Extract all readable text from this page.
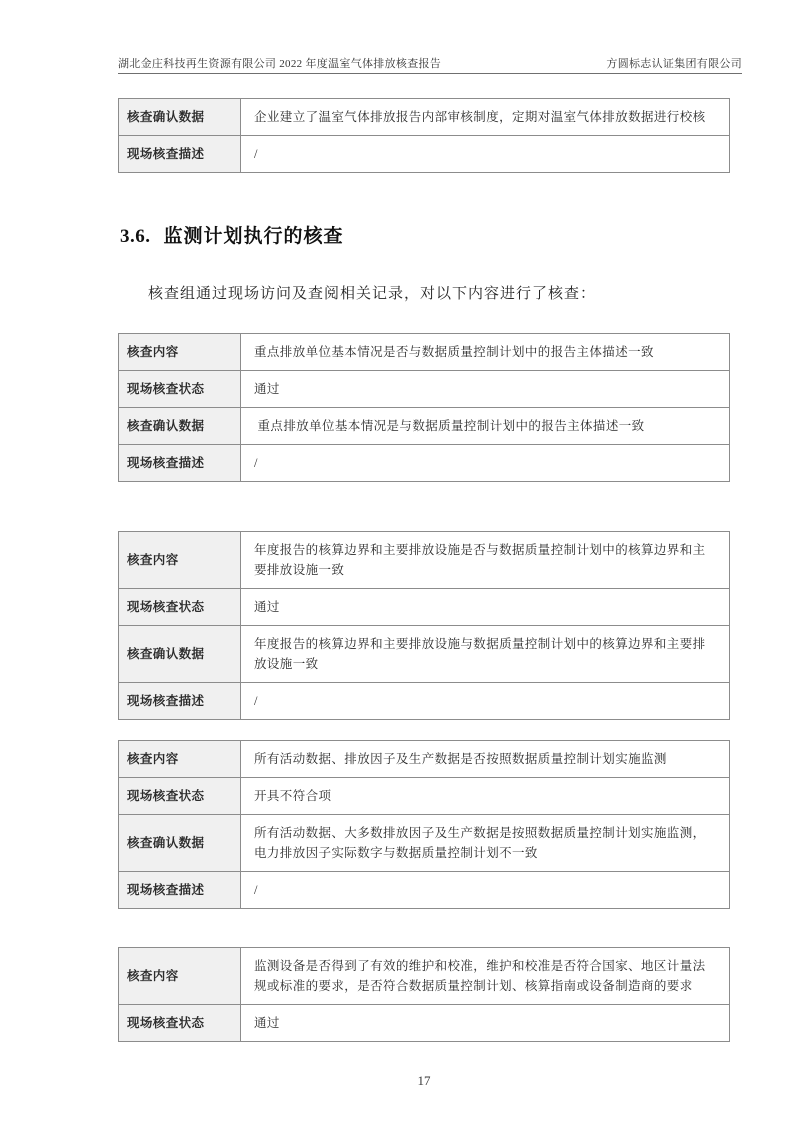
湖北金庄科技再生资源有限公司 2022 年度温室气体排放核查报告	方圆标志认证集团有限公司
核查确认数据	企业建立了温室气体排放报告内部审核制度，定期对温室气体排放数据进行校核
现场核查描述	/
3.6. 监测计划执行的核查

核查组通过现场访问及查阅相关记录，对以下内容进行了核查：

核查内容	重点排放单位基本情况是否与数据质量控制计划中的报告主体描述一致
现场核查状态	通过
核查确认数据	重点排放单位基本情况是与数据质量控制计划中的报告主体描述一致
现场核查描述	/
核查内容	年度报告的核算边界和主要排放设施是否与数据质量控制计划中的核算边界和主要排放设施一致
现场核查状态	通过
核查确认数据	年度报告的核算边界和主要排放设施与数据质量控制计划中的核算边界和主要排放设施一致
现场核查描述	/
核查内容	所有活动数据、排放因子及生产数据是否按照数据质量控制计划实施监测
现场核查状态	开具不符合项
核查确认数据	所有活动数据、大多数排放因子及生产数据是按照数据质量控制计划实施监测，电力排放因子实际数字与数据质量控制计划不一致
现场核查描述	/
核查内容	监测设备是否得到了有效的维护和校准，维护和校准是否符合国家、地区计量法规或标准的要求，是否符合数据质量控制计划、核算指南或设备制造商的要求
现场核查状态	通过
17
